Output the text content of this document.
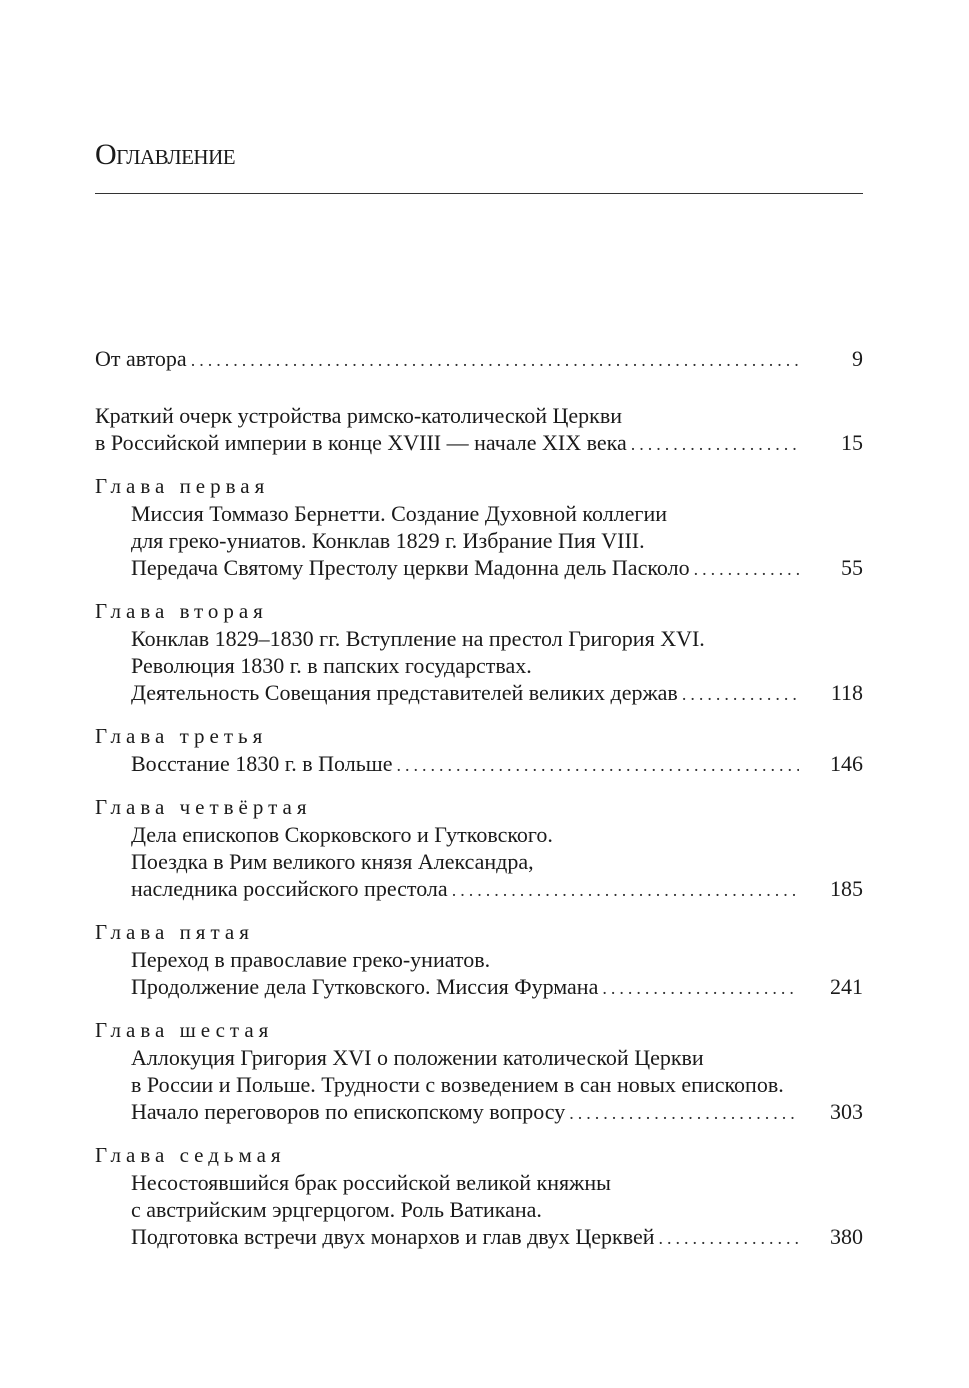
Оглавление
От автора .....	9
Краткий очерк устройства римско-католической Церкви
в Российской империи в конце XVIII — начале XIX века .....	15
Глава первая
Миссия Томмазо Бернетти. Создание Духовной коллегии
для греко-униатов. Конклав 1829 г. Избрание Пия VIII.
Передача Святому Престолу церкви Мадонна дель Пасколо .....	55
Глава вторая
Конклав 1829–1830 гг. Вступление на престол Григория XVI.
Революция 1830 г. в папских государствах.
Деятельность Совещания представителей великих держав .....	118
Глава третья
Восстание 1830 г. в Польше .....	146
Глава четвёртая
Дела епископов Скорковского и Гутковского.
Поездка в Рим великого князя Александра,
наследника российского престола .....	185
Глава пятая
Переход в православие греко-униатов.
Продолжение дела Гутковского. Миссия Фурмана .....	241
Глава шестая
Аллокуция Григория XVI о положении католической Церкви
в России и Польше. Трудности с возведением в сан новых епископов.
Начало переговоров по епископскому вопросу .....	303
Глава седьмая
Несостоявшийся брак российской великой княжны
с австрийским эрцгерцогом. Роль Ватикана.
Подготовка встречи двух монархов и глав двух Церквей .....	380
